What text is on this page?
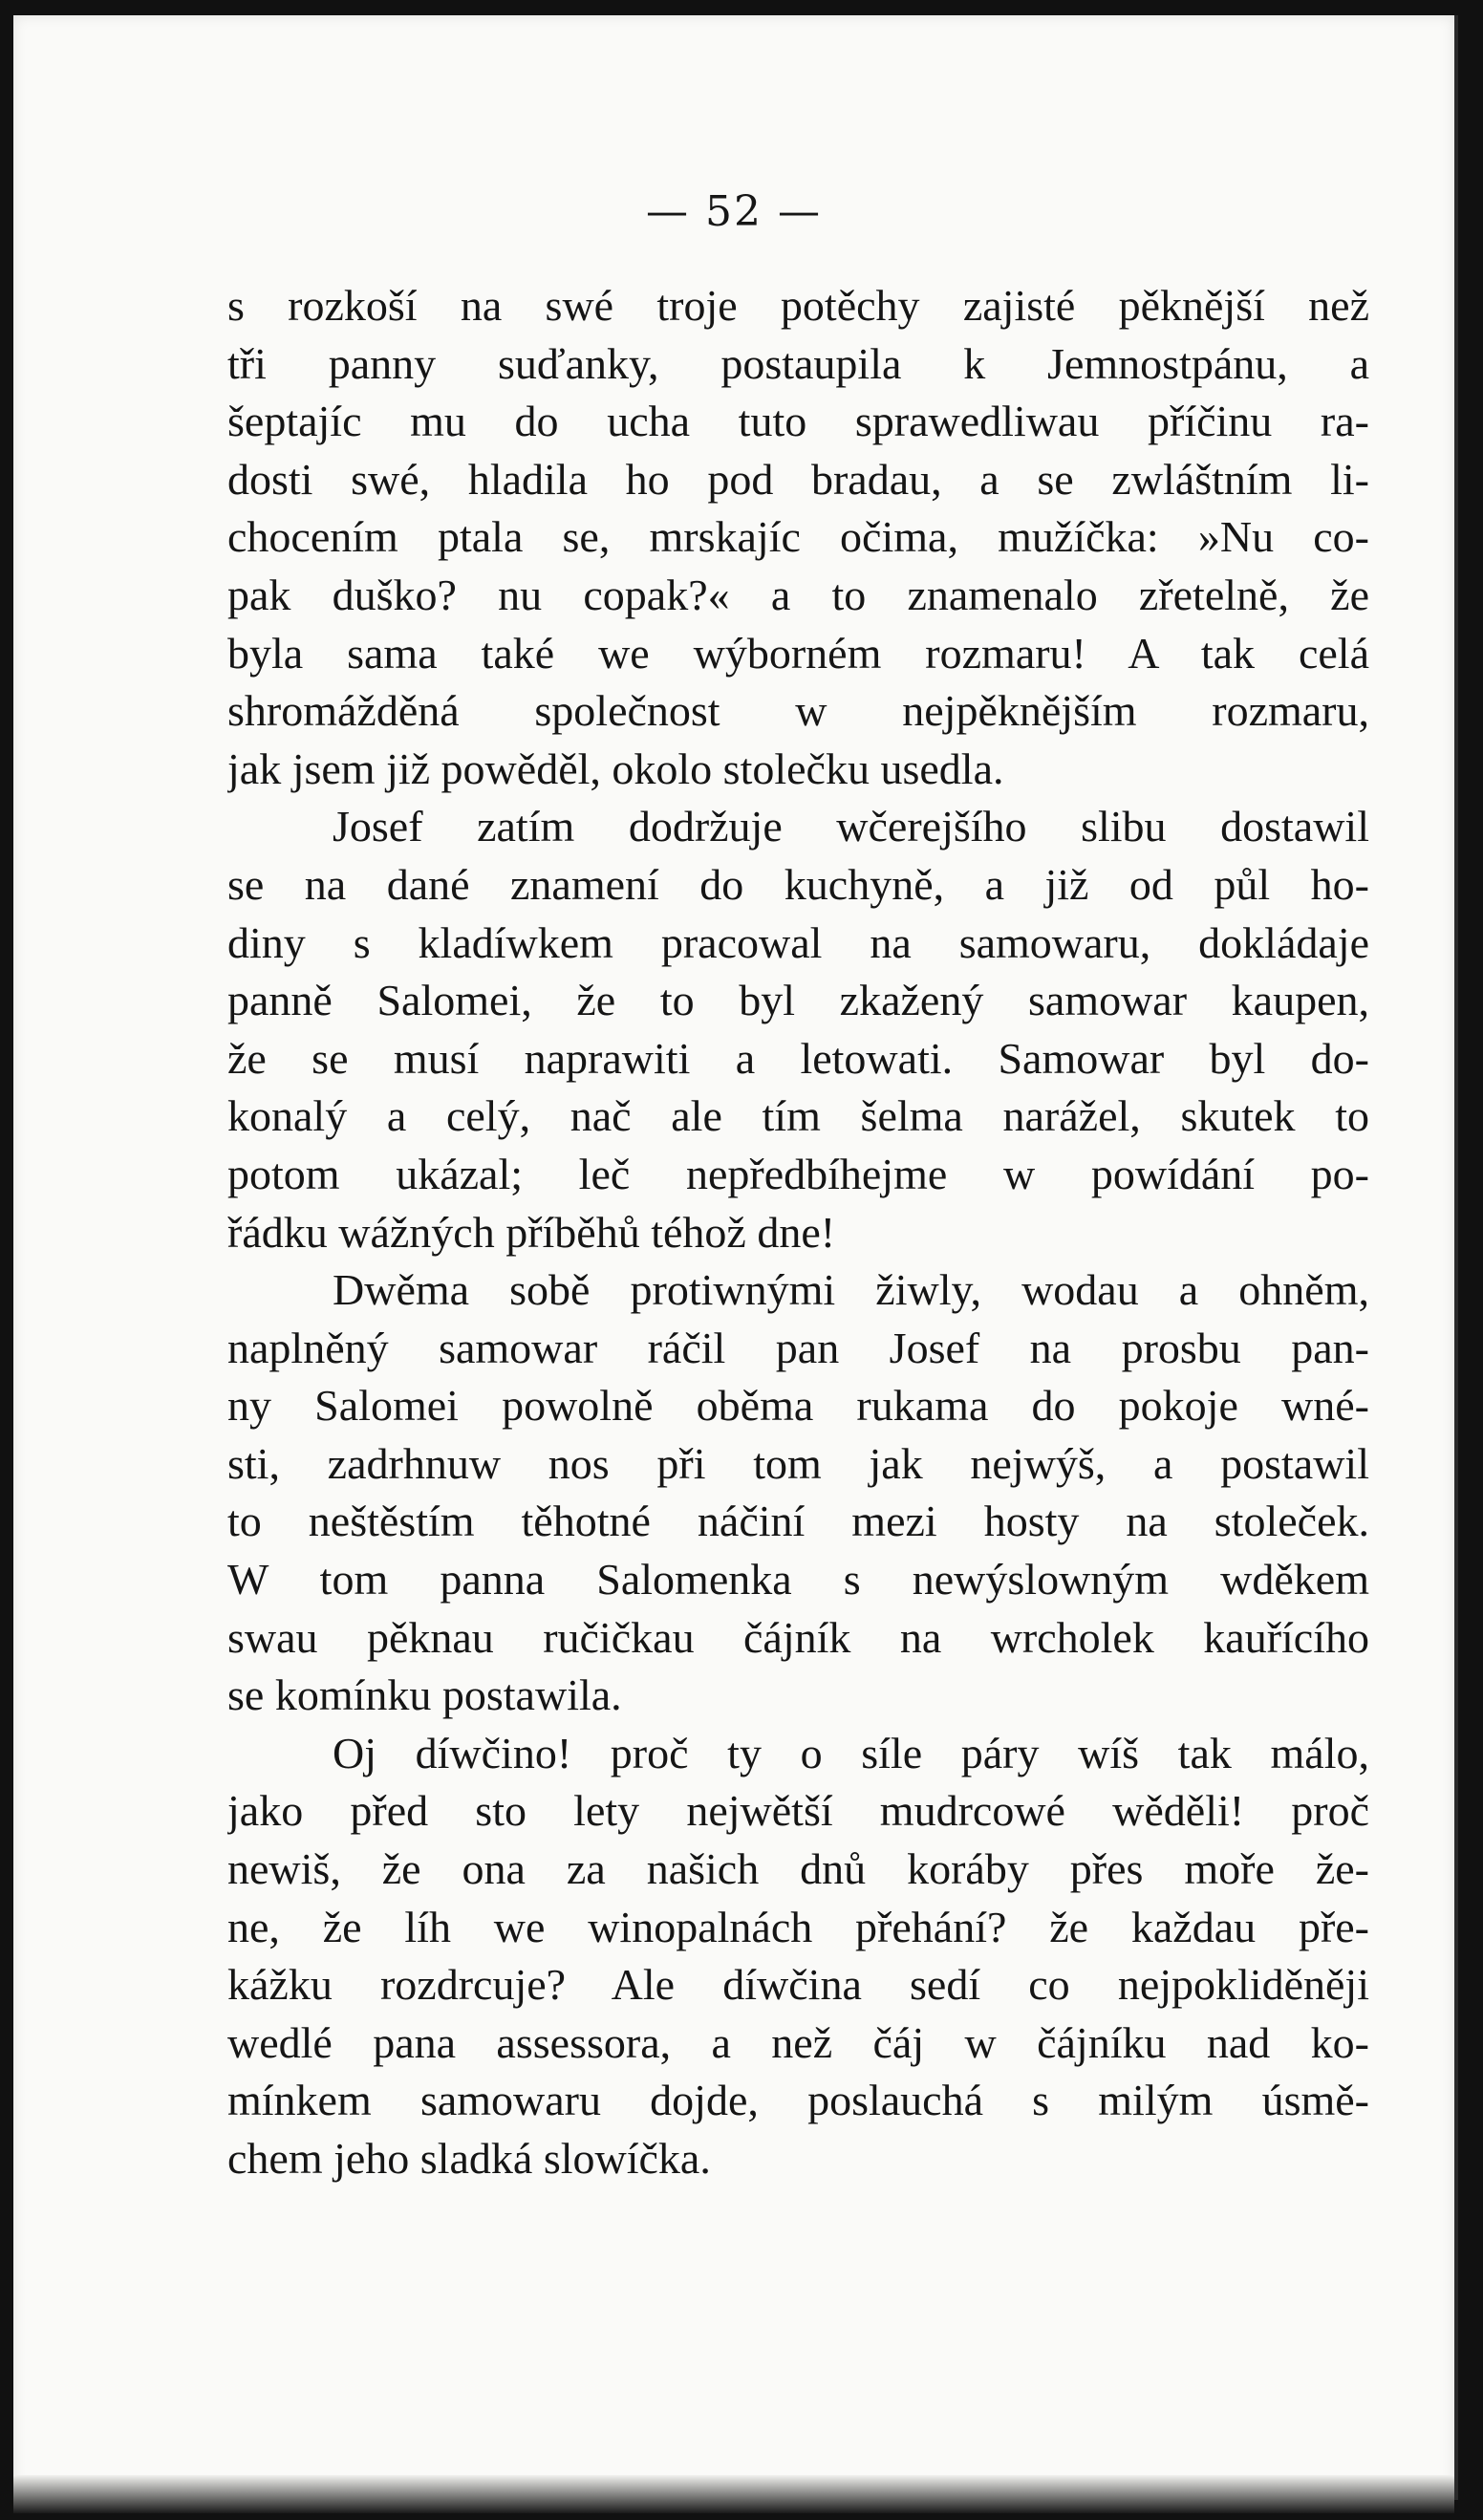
— 52 —
s rozkoší na swé troje potěchy zajisté pěknější než
tři panny suďanky, postaupila k Jemnostpánu, a
šeptajíc mu do ucha tuto sprawedliwau příčinu ra-
dosti swé, hladila ho pod bradau, a se zwláštním li-
chocením ptala se, mrskajíc očima, mužíčka: »Nu co-
pak duško? nu copak?« a to znamenalo zřetelně, že
byla sama také we wýborném rozmaru! A tak celá
shromážděná společnost w nejpěknějším rozmaru,
jak jsem již powěděl, okolo stolečku usedla.
Josef zatím dodržuje wčerejšího slibu dostawil
se na dané znamení do kuchyně, a již od půl ho-
diny s kladíwkem pracowal na samowaru, dokládaje
panně Salomei, že to byl zkažený samowar kaupen,
že se musí naprawiti a letowati. Samowar byl do-
konalý a celý, nač ale tím šelma narážel, skutek to
potom ukázal; leč nepředbíhejme w powídání po-
řádku wážných příběhů téhož dne!
Dwěma sobě protiwnými žiwly, wodau a ohněm,
naplněný samowar ráčil pan Josef na prosbu pan-
ny Salomei powolně oběma rukama do pokoje wné-
sti, zadrhnuw nos při tom jak nejwýš, a postawil
to neštěstím těhotné náčiní mezi hosty na stoleček.
W tom panna Salomenka s newýslowným wděkem
swau pěknau ručičkau čájník na wrcholek kauřícího
se komínku postawila.
Oj díwčino! proč ty o síle páry wíš tak málo,
jako před sto lety nejwětší mudrcowé wěděli! proč
newiš, že ona za našich dnů koráby přes moře že-
ne, že líh we winopalnách přehání? že každau pře-
kážku rozdrcuje? Ale díwčina sedí co nejpokliděněji
wedlé pana assessora, a než čáj w čájníku nad ko-
mínkem samowaru dojde, poslauchá s milým úsmě-
chem jeho sladká slowíčka.
